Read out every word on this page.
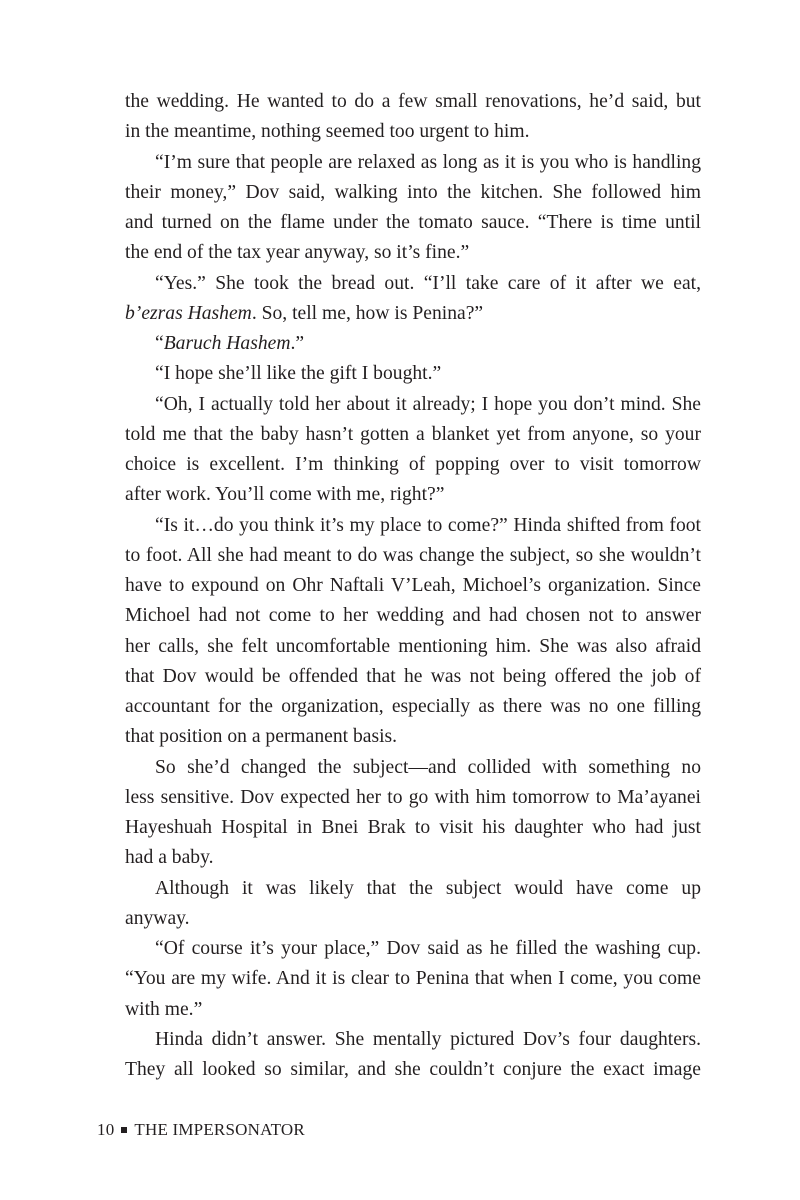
the wedding. He wanted to do a few small renovations, he’d said, but
in the meantime, nothing seemed too urgent to him.
“I’m sure that people are relaxed as long as it is you who is handling
their money,” Dov said, walking into the kitchen. She followed him
and turned on the flame under the tomato sauce. “There is time until
the end of the tax year anyway, so it’s fine.”
“Yes.” She took the bread out. “I’ll take care of it after we eat,
b’ezras Hashem. So, tell me, how is Penina?”
“Baruch Hashem.”
“I hope she’ll like the gift I bought.”
“Oh, I actually told her about it already; I hope you don’t mind. She
told me that the baby hasn’t gotten a blanket yet from anyone, so your
choice is excellent. I’m thinking of popping over to visit tomorrow
after work. You’ll come with me, right?”
“Is it…do you think it’s my place to come?” Hinda shifted from foot
to foot. All she had meant to do was change the subject, so she wouldn’t
have to expound on Ohr Naftali V’Leah, Michoel’s organization. Since
Michoel had not come to her wedding and had chosen not to answer
her calls, she felt uncomfortable mentioning him. She was also afraid
that Dov would be offended that he was not being offered the job of
accountant for the organization, especially as there was no one filling
that position on a permanent basis.
So she’d changed the subject—and collided with something no
less sensitive. Dov expected her to go with him tomorrow to Ma’ayanei
Hayeshuah Hospital in Bnei Brak to visit his daughter who had just
had a baby.
Although it was likely that the subject would have come up
anyway.
“Of course it’s your place,” Dov said as he filled the washing cup.
“You are my wife. And it is clear to Penina that when I come, you come
with me.”
Hinda didn’t answer. She mentally pictured Dov’s four daughters.
They all looked so similar, and she couldn’t conjure the exact image
10 THE IMPERSONATOR
